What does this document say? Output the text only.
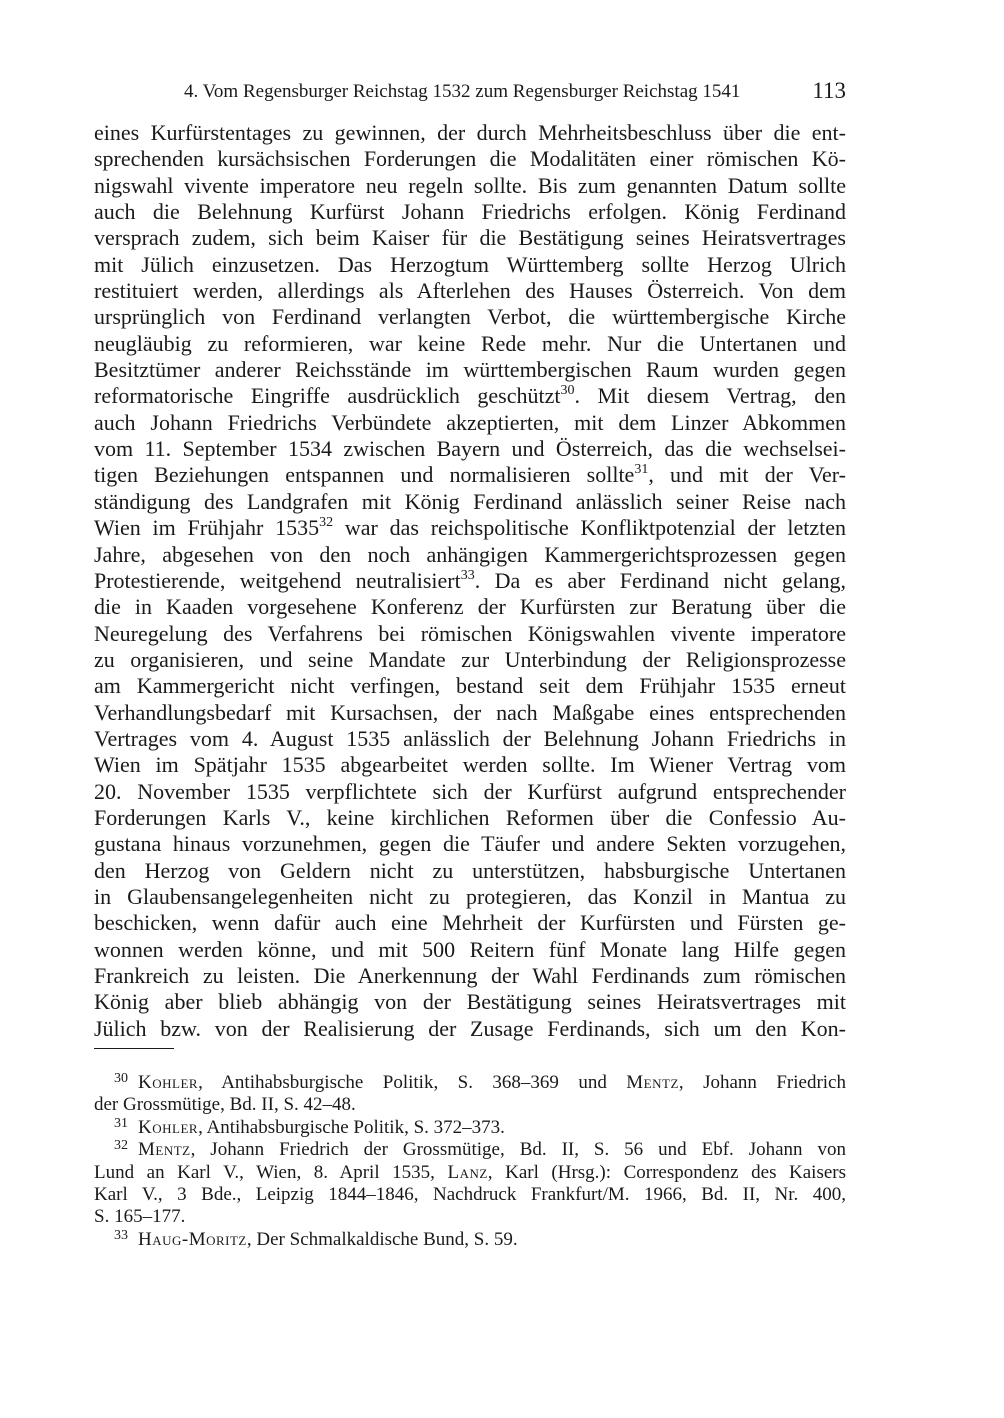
4. Vom Regensburger Reichstag 1532 zum Regensburger Reichstag 1541	113
eines Kurfürstentages zu gewinnen, der durch Mehrheitsbeschluss über die ent-
sprechenden kursächsischen Forderungen die Modalitäten einer römischen Kö-
nigswahl vivente imperatore neu regeln sollte. Bis zum genannten Datum sollte
auch die Belehnung Kurfürst Johann Friedrichs erfolgen. König Ferdinand
versprach zudem, sich beim Kaiser für die Bestätigung seines Heiratsvertrages
mit Jülich einzusetzen. Das Herzogtum Württemberg sollte Herzog Ulrich
restituiert werden, allerdings als Afterlehen des Hauses Österreich. Von dem
ursprünglich von Ferdinand verlangten Verbot, die württembergische Kirche
neugläubig zu reformieren, war keine Rede mehr. Nur die Untertanen und
Besitztümer anderer Reichsstände im württembergischen Raum wurden gegen
reformatorische Eingriffe ausdrücklich geschützt$^{30}$. Mit diesem Vertrag, den
auch Johann Friedrichs Verbündete akzeptierten, mit dem Linzer Abkommen
vom 11. September 1534 zwischen Bayern und Österreich, das die wechselsei-
tigen Beziehungen entspannen und normalisieren sollte$^{31}$, und mit der Ver-
ständigung des Landgrafen mit König Ferdinand anlässlich seiner Reise nach
Wien im Frühjahr 1535$^{32}$ war das reichspolitische Konfliktpotenzial der letzten
Jahre, abgesehen von den noch anhängigen Kammergerichtsprozessen gegen
Protestierende, weitgehend neutralisiert$^{33}$. Da es aber Ferdinand nicht gelang,
die in Kaaden vorgesehene Konferenz der Kurfürsten zur Beratung über die
Neuregelung des Verfahrens bei römischen Königswahlen vivente imperatore
zu organisieren, und seine Mandate zur Unterbindung der Religionsprozesse
am Kammergericht nicht verfingen, bestand seit dem Frühjahr 1535 erneut
Verhandlungsbedarf mit Kursachsen, der nach Maßgabe eines entsprechenden
Vertrages vom 4. August 1535 anlässlich der Belehnung Johann Friedrichs in
Wien im Spätjahr 1535 abgearbeitet werden sollte. Im Wiener Vertrag vom
20. November 1535 verpflichtete sich der Kurfürst aufgrund entsprechender
Forderungen Karls V., keine kirchlichen Reformen über die Confessio Au-
gustana hinaus vorzunehmen, gegen die Täufer und andere Sekten vorzugehen,
den Herzog von Geldern nicht zu unterstützen, habsburgische Untertanen
in Glaubensangelegenheiten nicht zu protegieren, das Konzil in Mantua zu
beschicken, wenn dafür auch eine Mehrheit der Kurfürsten und Fürsten ge-
wonnen werden könne, und mit 500 Reitern fünf Monate lang Hilfe gegen
Frankreich zu leisten. Die Anerkennung der Wahl Ferdinands zum römischen
König aber blieb abhängig von der Bestätigung seines Heiratsvertrages mit
Jülich bzw. von der Realisierung der Zusage Ferdinands, sich um den Kon-
$^{30}$ Kohler, Antihabsburgische Politik, S. 368–369 und Mentz, Johann Friedrich
der Grossmütige, Bd. II, S. 42–48.
$^{31}$ Kohler, Antihabsburgische Politik, S. 372–373.
$^{32}$ Mentz, Johann Friedrich der Grossmütige, Bd. II, S. 56 und Ebf. Johann von
Lund an Karl V., Wien, 8. April 1535, Lanz, Karl (Hrsg.): Correspondenz des Kaisers
Karl V., 3 Bde., Leipzig 1844–1846, Nachdruck Frankfurt/M. 1966, Bd. II, Nr. 400,
S. 165–177.
$^{33}$ Haug-Moritz, Der Schmalkaldische Bund, S. 59.
